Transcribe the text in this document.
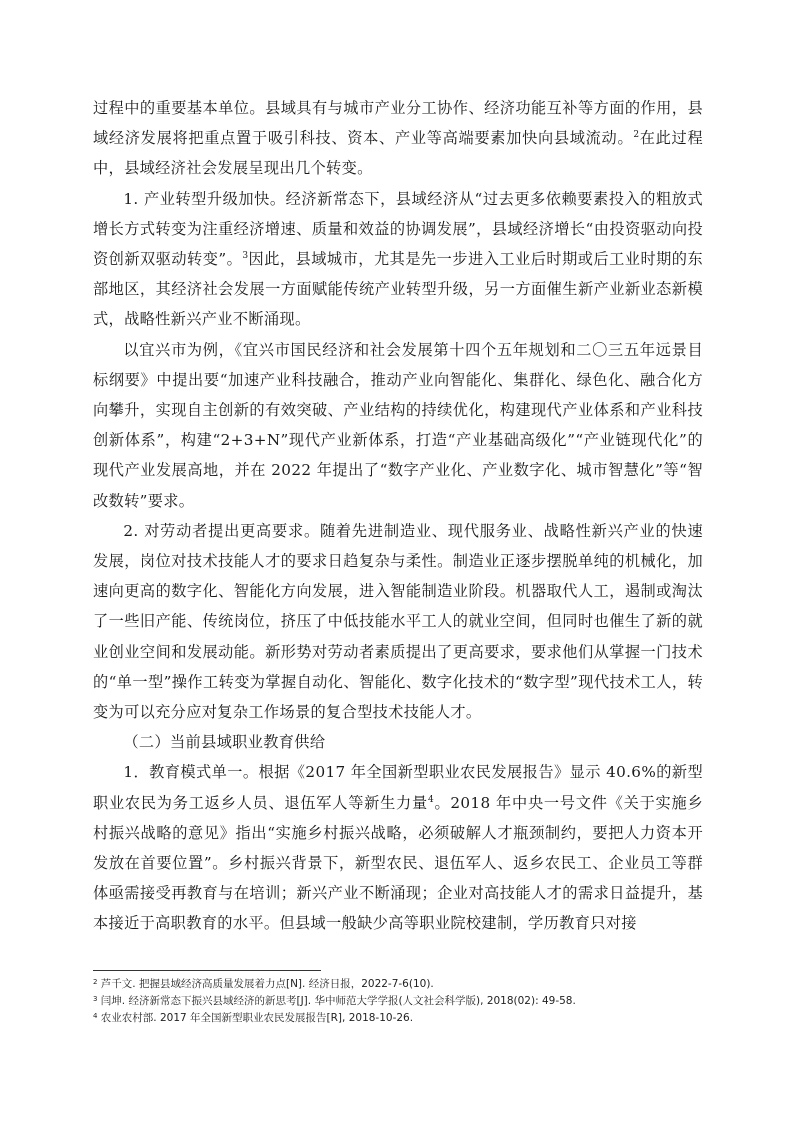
过程中的重要基本单位。县域具有与城市产业分工协作、经济功能互补等方面的作用，县域经济发展将把重点置于吸引科技、资本、产业等高端要素加快向县域流动。$^2$在此过程中，县域经济社会发展呈现出几个转变。

1. 产业转型升级加快。经济新常态下，县域经济从“过去更多依赖要素投入的粗放式增长方式转变为注重经济增速、质量和效益的协调发展”，县域经济增长“由投资驱动向投资创新双驱动转变”。$^3$因此，县域城市，尤其是先一步进入工业后时期或后工业时期的东部地区，其经济社会发展一方面赋能传统产业转型升级，另一方面催生新产业新业态新模式，战略性新兴产业不断涌现。

以宜兴市为例，《宜兴市国民经济和社会发展第十四个五年规划和二〇三五年远景目标纲要》中提出要“加速产业科技融合，推动产业向智能化、集群化、绿色化、融合化方向攀升，实现自主创新的有效突破、产业结构的持续优化，构建现代产业体系和产业科技创新体系”，构建“2+3+N”现代产业新体系，打造“产业基础高级化”“产业链现代化”的现代产业发展高地，并在 2022 年提出了“数字产业化、产业数字化、城市智慧化”等“智改数转”要求。

2. 对劳动者提出更高要求。随着先进制造业、现代服务业、战略性新兴产业的快速发展，岗位对技术技能人才的要求日趋复杂与柔性。制造业正逐步摆脱单纯的机械化，加速向更高的数字化、智能化方向发展，进入智能制造业阶段。机器取代人工，遏制或淘汰了一些旧产能、传统岗位，挤压了中低技能水平工人的就业空间，但同时也催生了新的就业创业空间和发展动能。新形势对劳动者素质提出了更高要求，要求他们从掌握一门技术的“单一型”操作工转变为掌握自动化、智能化、数字化技术的“数字型”现代技术工人，转变为可以充分应对复杂工作场景的复合型技术技能人才。

（二）当前县域职业教育供给

1．教育模式单一。根据《2017 年全国新型职业农民发展报告》显示 40.6%的新型职业农民为务工返乡人员、退伍军人等新生力量$^4$。2018 年中央一号文件《关于实施乡村振兴战略的意见》指出“实施乡村振兴战略，必须破解人才瓶颈制约，要把人力资本开发放在首要位置”。乡村振兴背景下，新型农民、退伍军人、返乡农民工、企业员工等群体亟需接受再教育与在培训；新兴产业不断涌现；企业对高技能人才的需求日益提升，基本接近于高职教育的水平。但县域一般缺少高等职业院校建制，学历教育只对接

$^2$ 芦千文. 把握县域经济高质量发展着力点[N]. 经济日报，2022-7-6(10).

$^3$ 闫坤. 经济新常态下振兴县域经济的新思考[J]. 华中师范大学学报(人文社会科学版), 2018(02): 49-58.

$^4$ 农业农村部. 2017 年全国新型职业农民发展报告[R], 2018-10-26.
